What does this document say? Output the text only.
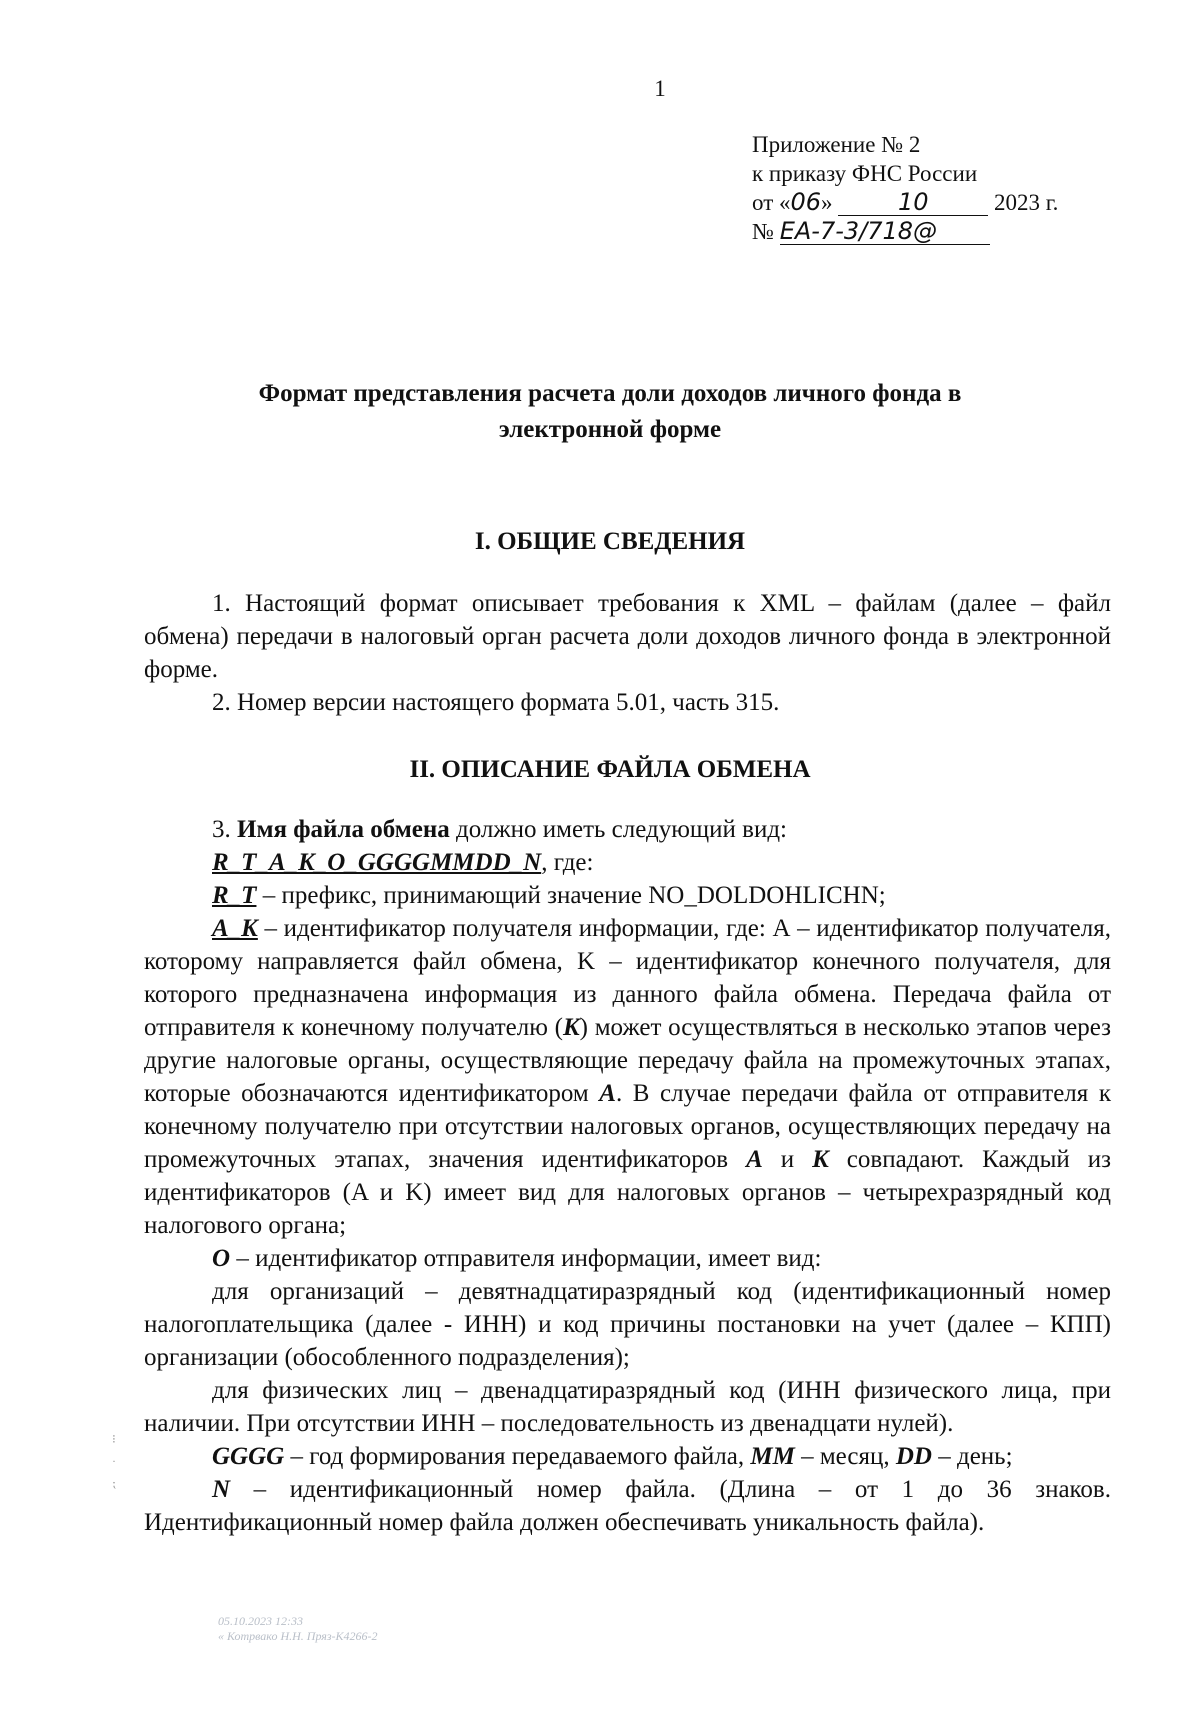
1
Приложение № 2
к приказу ФНС России
от «06»	10	2023 г.
№ ЕА-7-3/718@
Формат представления расчета доли доходов личного фонда в
электронной форме
I. ОБЩИЕ СВЕДЕНИЯ

1. Настоящий формат описывает требования к XML – файлам (далее – файл обмена) передачи в налоговый орган расчета доли доходов личного фонда в электронной форме.

2. Номер версии настоящего формата 5.01, часть 315.

II. ОПИСАНИЕ ФАЙЛА ОБМЕНА

3. Имя файла обмена должно иметь следующий вид:

R_T_A_K_O_GGGGMMDD_N, где:

R_T – префикс, принимающий значение NO_DOLDOHLICHN;

A_K – идентификатор получателя информации, где: А – идентификатор получателя, которому направляется файл обмена, K – идентификатор конечного получателя, для которого предназначена информация из данного файла обмена. Передача файла от отправителя к конечному получателю (K) может осуществляться в несколько этапов через другие налоговые органы, осуществляющие передачу файла на промежуточных этапах, которые обозначаются идентификатором А. В случае передачи файла от отправителя к конечному получателю при отсутствии налоговых органов, осуществляющих передачу на промежуточных этапах, значения идентификаторов А и K совпадают. Каждый из идентификаторов (A и K) имеет вид для налоговых органов – четырехразрядный код налогового органа;

O – идентификатор отправителя информации, имеет вид:

для организаций – девятнадцатиразрядный код (идентификационный номер налогоплательщика (далее - ИНН) и код причины постановки на учет (далее – КПП) организации (обособленного подразделения);

для физических лиц – двенадцатиразрядный код (ИНН физического лица, при наличии. При отсутствии ИНН – последовательность из двенадцати нулей).

GGGG – год формирования передаваемого файла, MM – месяц, DD – день;

N – идентификационный номер файла. (Длина – от 1 до 36 знаков. Идентификационный номер файла должен обеспечивать уникальность файла).

⁝
·
⁏
05.10.2023 12:33
« Котрвако Н.Н. Пряз-К4266-2
